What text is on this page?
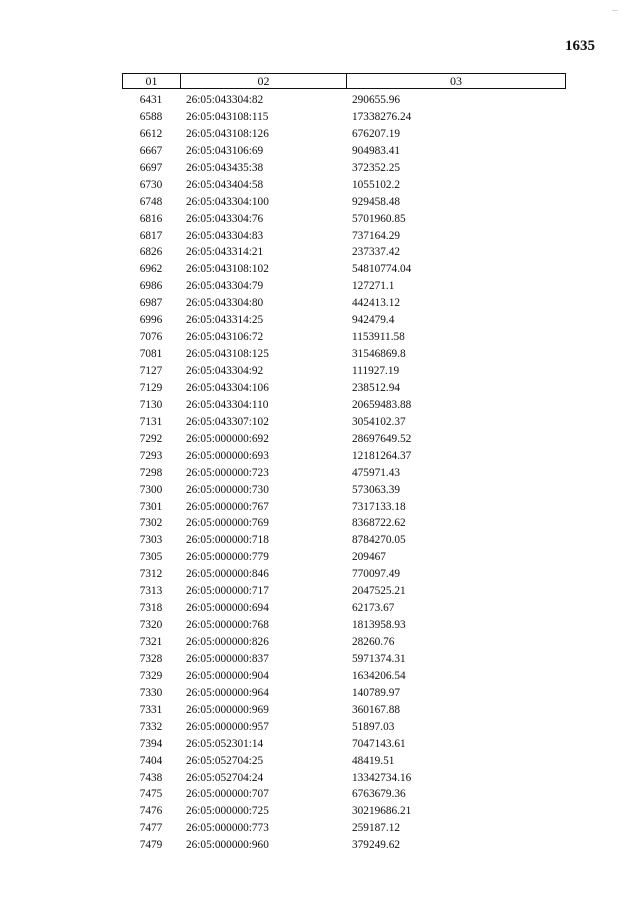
...
1635
01	02	03
6431	26:05:043304:82	290655.96
6588	26:05:043108:115	17338276.24
6612	26:05:043108:126	676207.19
6667	26:05:043106:69	904983.41
6697	26:05:043435:38	372352.25
6730	26:05:043404:58	1055102.2
6748	26:05:043304:100	929458.48
6816	26:05:043304:76	5701960.85
6817	26:05:043304:83	737164.29
6826	26:05:043314:21	237337.42
6962	26:05:043108:102	54810774.04
6986	26:05:043304:79	127271.1
6987	26:05:043304:80	442413.12
6996	26:05:043314:25	942479.4
7076	26:05:043106:72	1153911.58
7081	26:05:043108:125	31546869.8
7127	26:05:043304:92	111927.19
7129	26:05:043304:106	238512.94
7130	26:05:043304:110	20659483.88
7131	26:05:043307:102	3054102.37
7292	26:05:000000:692	28697649.52
7293	26:05:000000:693	12181264.37
7298	26:05:000000:723	475971.43
7300	26:05:000000:730	573063.39
7301	26:05:000000:767	7317133.18
7302	26:05:000000:769	8368722.62
7303	26:05:000000:718	8784270.05
7305	26:05:000000:779	209467
7312	26:05:000000:846	770097.49
7313	26:05:000000:717	2047525.21
7318	26:05:000000:694	62173.67
7320	26:05:000000:768	1813958.93
7321	26:05:000000:826	28260.76
7328	26:05:000000:837	5971374.31
7329	26:05:000000:904	1634206.54
7330	26:05:000000:964	140789.97
7331	26:05:000000:969	360167.88
7332	26:05:000000:957	51897.03
7394	26:05:052301:14	7047143.61
7404	26:05:052704:25	48419.51
7438	26:05:052704:24	13342734.16
7475	26:05:000000:707	6763679.36
7476	26:05:000000:725	30219686.21
7477	26:05:000000:773	259187.12
7479	26:05:000000:960	379249.62
